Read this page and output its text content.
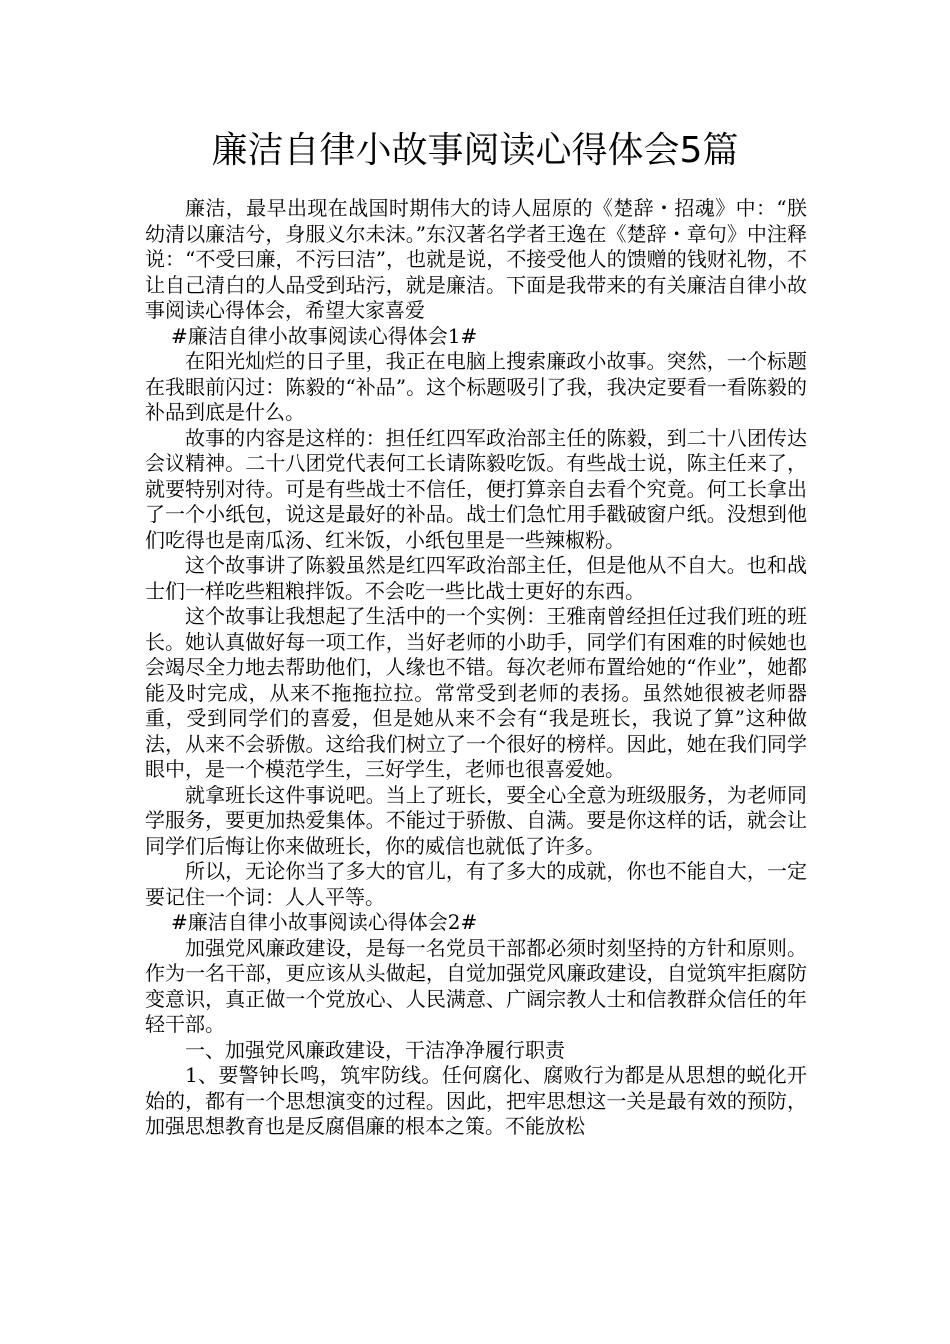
廉洁自律小故事阅读心得体会5篇

廉洁，最早出现在战国时期伟大的诗人屈原的《楚辞・招魂》中：“朕幼清以廉洁兮，身服义尔未沫。”东汉著名学者王逸在《楚辞・章句》中注释说：“不受曰廉，不污曰洁”，也就是说，不接受他人的馈赠的钱财礼物，不让自己清白的人品受到玷污，就是廉洁。下面是我带来的有关廉洁自律小故事阅读心得体会，希望大家喜爱

#廉洁自律小故事阅读心得体会1#

在阳光灿烂的日子里，我正在电脑上搜索廉政小故事。突然，一个标题在我眼前闪过：陈毅的“补品”。这个标题吸引了我，我决定要看一看陈毅的补品到底是什么。

故事的内容是这样的：担任红四军政治部主任的陈毅，到二十八团传达会议精神。二十八团党代表何工长请陈毅吃饭。有些战士说，陈主任来了，就要特别对待。可是有些战士不信任，便打算亲自去看个究竟。何工长拿出了一个小纸包，说这是最好的补品。战士们急忙用手戳破窗户纸。没想到他们吃得也是南瓜汤、红米饭，小纸包里是一些辣椒粉。

这个故事讲了陈毅虽然是红四军政治部主任，但是他从不自大。也和战士们一样吃些粗粮拌饭。不会吃一些比战士更好的东西。

这个故事让我想起了生活中的一个实例：王雅南曾经担任过我们班的班长。她认真做好每一项工作，当好老师的小助手，同学们有困难的时候她也会竭尽全力地去帮助他们，人缘也不错。每次老师布置给她的“作业”，她都能及时完成，从来不拖拖拉拉。常常受到老师的表扬。虽然她很被老师器重，受到同学们的喜爱，但是她从来不会有“我是班长，我说了算”这种做法，从来不会骄傲。这给我们树立了一个很好的榜样。因此，她在我们同学眼中，是一个模范学生，三好学生，老师也很喜爱她。

就拿班长这件事说吧。当上了班长，要全心全意为班级服务，为老师同学服务，要更加热爱集体。不能过于骄傲、自满。要是你这样的话，就会让同学们后悔让你来做班长，你的威信也就低了许多。

所以，无论你当了多大的官儿，有了多大的成就，你也不能自大，一定要记住一个词：人人平等。

#廉洁自律小故事阅读心得体会2#

加强党风廉政建设，是每一名党员干部都必须时刻坚持的方针和原则。作为一名干部，更应该从头做起，自觉加强党风廉政建设，自觉筑牢拒腐防变意识，真正做一个党放心、人民满意、广阔宗教人士和信教群众信任的年轻干部。

一、加强党风廉政建设，干洁净净履行职责

1、要警钟长鸣，筑牢防线。任何腐化、腐败行为都是从思想的蜕化开始的，都有一个思想演变的过程。因此，把牢思想这一关是最有效的预防，加强思想教育也是反腐倡廉的根本之策。不能放松
